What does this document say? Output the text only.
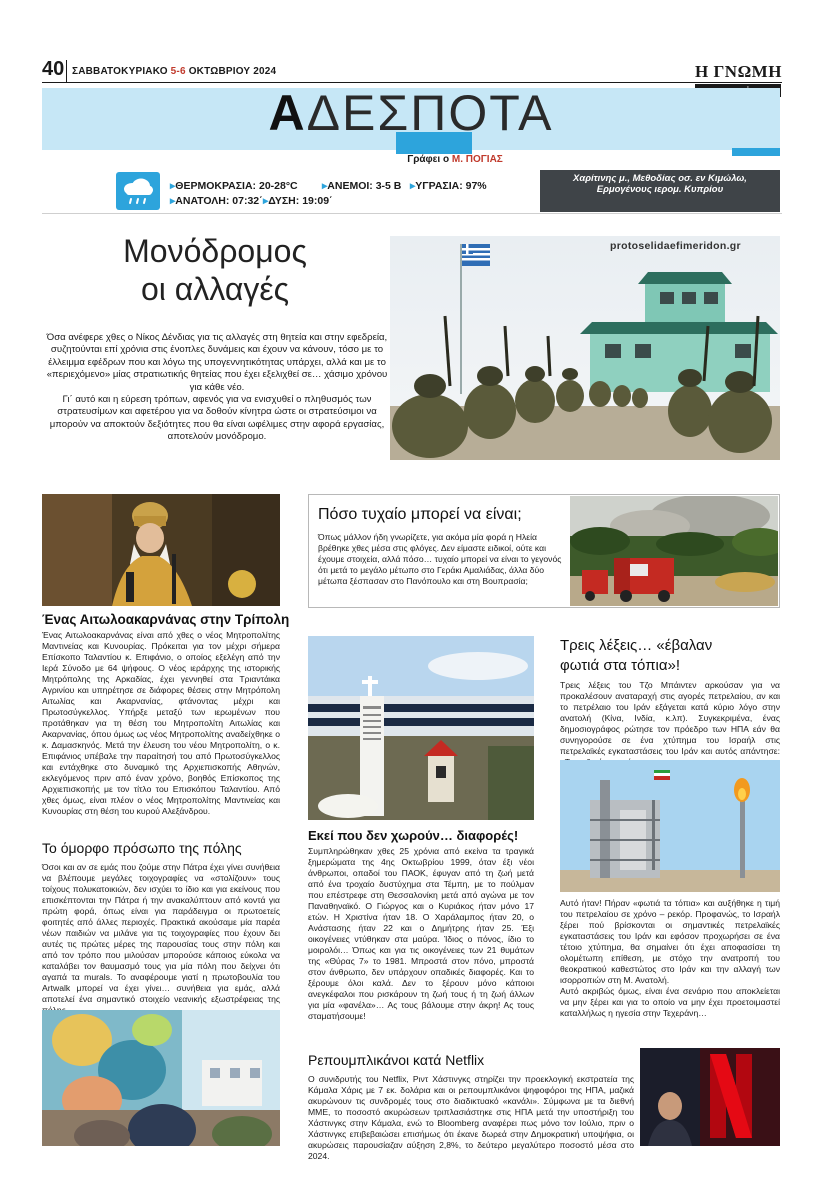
40 ΣΑΒΒΑΤΟΚΥΡΙΑΚΟ 5-6 ΟΚΤΩΒΡΙΟΥ 2024	Η ΓΝΩΜΗ
ΑΔΕΣΠΟΤΑ
Γράφει ο Μ. ΠΟΓΙΑΣ
▸ΘΕΡΜΟΚΡΑΣΙΑ: 20-28°C ▸ΑΝΕΜΟΙ: 3-5 Β ▸ΥΓΡΑΣΙΑ: 97%
▸ΑΝΑΤΟΛΗ: 07:32΄ ▸ΔΥΣΗ: 19:09΄
Χαρίτινης μ., Μεθοδίας οσ. εν Κιμώλω, Ερμογένους ιερομ. Κυπρίου
Μονόδρομος
οι αλλαγές

Όσα ανέφερε χθες ο Νίκος Δένδιας για τις αλλαγές στη θητεία και στην εφεδρεία, συζητούνται επί χρόνια στις ένοπλες δυνάμεις και έχουν να κάνουν, τόσο με το έλλειμμα εφέδρων που και λόγω της υπογεννητικότητας υπάρχει, αλλά και με το «περιεχόμενο» μίας στρατιωτικής θητείας που έχει εξελιχθεί σε… χάσιμο χρόνου για κάθε νέο.

Γι΄ αυτό και η εύρεση τρόπων, αφενός για να ενισχυθεί ο πληθυσμός των στρατευσίμων και αφετέρου για να δοθούν κίνητρα ώστε οι στρατεύσιμοι να μπορούν να αποκτούν δεξιότητες που θα είναι ωφέλιμες στην αφορά εργασίας, αποτελούν μονόδρομο.

protoselidaefimeridon.gr
Ένας Αιτωλοακαρνάνας στην Τρίπολη
Ένας Αιτωλοακαρνάνας είναι από χθες ο νέος Μητροπολίτης Μαντινείας και Κυνουρίας. Πρόκειται για τον μέχρι σήμερα Επίσκοπο Ταλαντίου κ. Επιφάνιο, ο οποίος εξελέγη από την Ιερά Σύνοδο με 64 ψήφους. Ο νέος ιεράρχης της ιστορικής Μητρόπολης της Αρκαδίας, έχει γεννηθεί στα Τριαντάικα Αγρινίου και υπηρέτησε σε διάφορες θέσεις στην Μητρόπολη Αιτωλίας και Ακαρνανίας, φτάνοντας μέχρι και Πρωτοσύγκελλος. Υπήρξε μεταξύ των ιερωμένων που προτάθηκαν για τη θέση του Μητροπολίτη Αιτωλίας και Ακαρνανίας, όπου όμως ως νέος Μητροπολίτης αναδείχθηκε ο κ. Δαμασκηνός. Μετά την έλευση του νέου Μητροπολίτη, ο κ. Επιφάνιος υπέβαλε την παραίτησή του από Πρωτοσύγκελλος και εντάχθηκε στο δυναμικό της Αρχιεπισκοπής Αθηνών, εκλεγόμενος πριν από έναν χρόνο, βοηθός Επίσκοπος της Αρχιεπισκοπής με τον τίτλο του Επισκόπου Ταλαντίου. Από χθες όμως, είναι πλέον ο νέος Μητροπολίτης Μαντινείας και Κυνουρίας στη θέση του κυρού Αλεξάνδρου.
Πόσο τυχαίο μπορεί να είναι;
Όπως μάλλον ήδη γνωρίζετε, για ακόμα μία φορά η Ηλεία βρέθηκε χθες μέσα στις φλόγες. Δεν είμαστε ειδικοί, ούτε και έχουμε στοιχεία, αλλά πόσο… τυχαίο μπορεί να είναι το γεγονός ότι μετά το μεγάλο μέτωπο στο Γεράκι Αμαλιάδας, άλλα δύο μέτωπα ξέσπασαν στο Πανόπουλο και στη Βουπρασία;
Εκεί που δεν χωρούν… διαφορές!
Συμπληρώθηκαν χθες 25 χρόνια από εκείνα τα τραγικά ξημερώματα της 4ης Οκτωβρίου 1999, όταν έξι νέοι άνθρωποι, οπαδοί του ΠΑΟΚ, έφυγαν από τη ζωή μετά από ένα τροχαίο δυστύχημα στα Τέμπη, με το πούλμαν που επέστρεφε στη Θεσσαλονίκη μετά από αγώνα με τον Παναθηναϊκό. Ο Γιώργος και ο Κυριάκος ήταν μόνο 17 ετών. Η Χριστίνα ήταν 18. Ο Χαράλαμπος ήταν 20, ο Ανάστασης ήταν 22 και ο Δημήτρης ήταν 25. Έξι οικογένειες ντύθηκαν στα μαύρα. Ίδιος ο πόνος, ίδιο το μοιρολόι… Όπως και για τις οικογένειες των 21 θυμάτων της «Θύρας 7» το 1981. Μπροστά στον πόνο, μπροστά στον άνθρωπο, δεν υπάρχουν οπαδικές διαφορές. Και το ξέρουμε όλοι καλά. Δεν το ξέρουν μόνο κάποιοι ανεγκέφαλοι που ρισκάρουν τη ζωή τους ή τη ζωή άλλων για μία «φανέλα»… Ας τους βάλουμε στην άκρη! Ας τους σταματήσουμε!
Το όμορφο πρόσωπο της πόλης
Όσοι και αν σε εμάς που ζούμε στην Πάτρα έχει γίνει συνήθεια να βλέπουμε μεγάλες τοιχογραφίες να «στολίζουν» τους τοίχους πολυκατοικιών, δεν ισχύει το ίδιο και για εκείνους που επισκέπτονται την Πάτρα ή την ανακαλύπτουν από κοντά για πρώτη φορά, όπως είναι για παράδειγμα οι πρωτοετείς φοιτητές από άλλες περιοχές. Πρακτικά ακούσαμε μία παρέα νέων παιδιών να μιλάνε για τις τοιχογραφίες που έχουν δει αυτές τις πρώτες μέρες της παρουσίας τους στην πόλη και από τον τρόπο που μιλούσαν μπορούσε κάποιος εύκολα να καταλάβει τον θαυμασμό τους για μία πόλη που δείχνει ότι αγαπά τα murals. Το αναφέρουμε γιατί η πρωτοβουλία του Artwalk μπορεί να έχει γίνει… συνήθεια για εμάς, αλλά αποτελεί ένα σημαντικό στοιχείο νεανικής εξωστρέφειας της
Τρεις λέξεις… «έβαλαν
φωτιά στα τόπια»!
Τρεις λέξεις του Τζο Μπάιντεν αρκούσαν για να προκαλέσουν αναταραχή στις αγορές πετρελαίου, αν και το πετρέλαιο του Ιράν εξάγεται κατά κύριο λόγο στην ανατολή (Κίνα, Ινδία, κ.λπ). Συγκεκριμένα, ένας δημοσιογράφος ρώτησε τον πρόεδρο των ΗΠΑ εάν θα συνηγορούσε σε ένα χτύπημα του Ισραήλ στις πετρελαϊκές εγκαταστάσεις του Ιράν και αυτός απάντησε:
Αυτό ήταν! Πήραν «φωτιά τα τόπια» και αυξήθηκε η τιμή του πετρελαίου σε χρόνο – ρεκόρ. Προφανώς, το Ισραήλ ξέρει πού βρίσκονται οι σημαντικές πετρελαϊκές εγκαταστάσεις του Ιράν και εφόσον προχωρήσει σε ένα τέτοιο χτύπημα, θα σημαίνει ότι έχει αποφασίσει τη ολομέτωπη επίθεση, με στόχο την ανατροπή του θεοκρατικού καθεστώτος στο Ιράν και την αλλαγή των ισορροπιών στη Μ. Ανατολή.
Αυτό ακριβώς όμως, είναι ένα σενάριο που αποκλείεται να μην ξέρει και για το οποίο να μην έχει προετοιμαστεί καταλλήλως η ηγεσία στην Τεχεράνη…
Ρεπουμπλικάνοι κατά Netflix
Ο συνιδρυτής του Netflix, Ριντ Χάστινγκς στηρίζει την προεκλογική εκστρατεία της Κάμαλα Χάρις με 7 εκ. δολάρια και οι ρεπουμπλικάνοι ψηφοφόροι της ΗΠΑ, μαζικά ακυρώνουν τις συνδρομές τους στο διαδικτυακό «κανάλι». Σύμφωνα με τα διεθνή ΜΜΕ, το ποσοστό ακυρώσεων τριπλασιάστηκε στις ΗΠΑ μετά την υποστήριξη του Χάστινγκς στην Κάμαλα, ενώ το Bloomberg αναφέρει πως μόνο τον Ιούλιο, πριν ο Χάστινγκς επιβεβαιώσει επισήμως ότι έκανε δωρεά στην Δημοκρατική υποψήφια, οι ακυρώσεις παρουσίαζαν αύξηση 2,8%, το δεύτερο μεγαλύτερο ποσοστό μέσα στο 2024.
